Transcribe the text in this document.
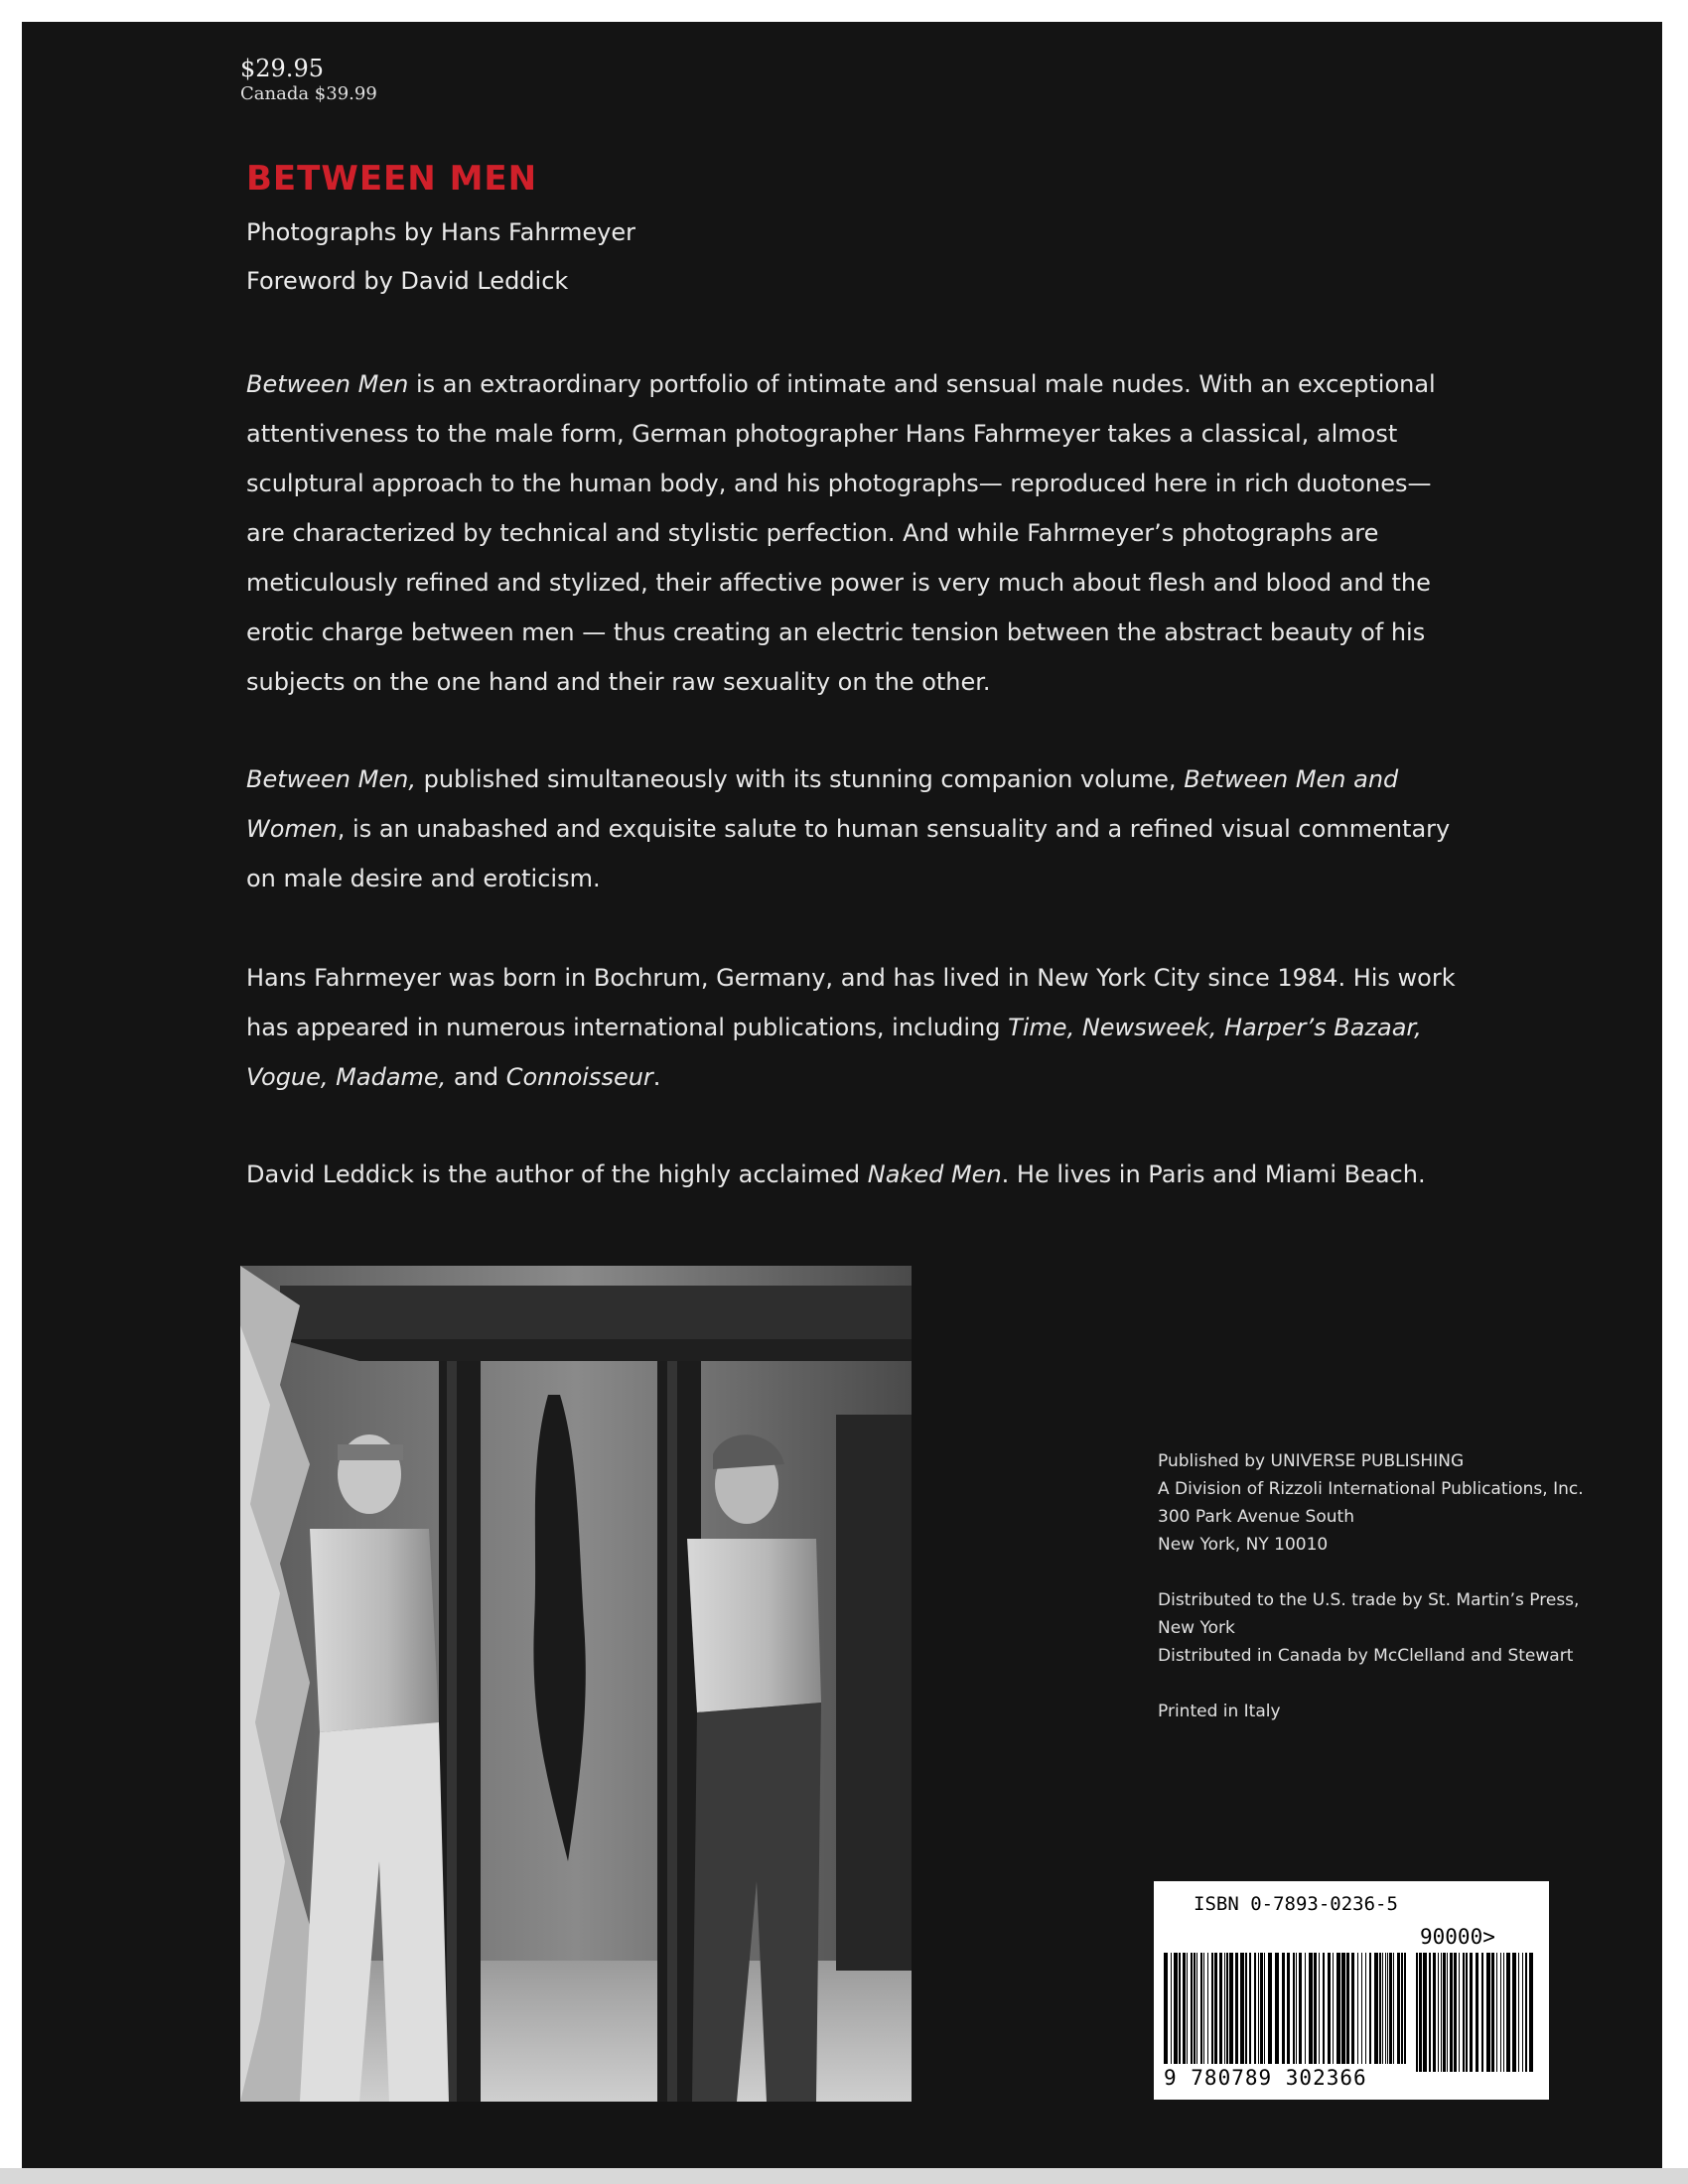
$29.95
Canada $39.99
BETWEEN MEN
Photographs by Hans Fahrmeyer
Foreword by David Leddick
Between Men is an extraordinary portfolio of intimate and sensual male nudes. With an exceptional attentiveness to the male form, German photographer Hans Fahrmeyer takes a classical, almost sculptural approach to the human body, and his photographs— reproduced here in rich duotones— are characterized by technical and stylistic perfection. And while Fahrmeyer’s photographs are meticulously refined and stylized, their affective power is very much about flesh and blood and the erotic charge between men — thus creating an electric tension between the abstract beauty of his subjects on the one hand and their raw sexuality on the other.
Between Men, published simultaneously with its stunning companion volume, Between Men and Women, is an unabashed and exquisite salute to human sensuality and a refined visual commentary on male desire and eroticism.
Hans Fahrmeyer was born in Bochrum, Germany, and has lived in New York City since 1984. His work has appeared in numerous international publications, including Time, Newsweek, Harper’s Bazaar, Vogue, Madame, and Connoisseur.
David Leddick is the author of the highly acclaimed Naked Men. He lives in Paris and Miami Beach.
Published by UNIVERSE PUBLISHING
A Division of Rizzoli International Publications, Inc.
300 Park Avenue South
New York, NY 10010
Distributed to the U.S. trade by St. Martin’s Press,
New York
Distributed in Canada by McClelland and Stewart
Printed in Italy
ISBN 0-7893-0236-5
90000>
9 780789 302366
